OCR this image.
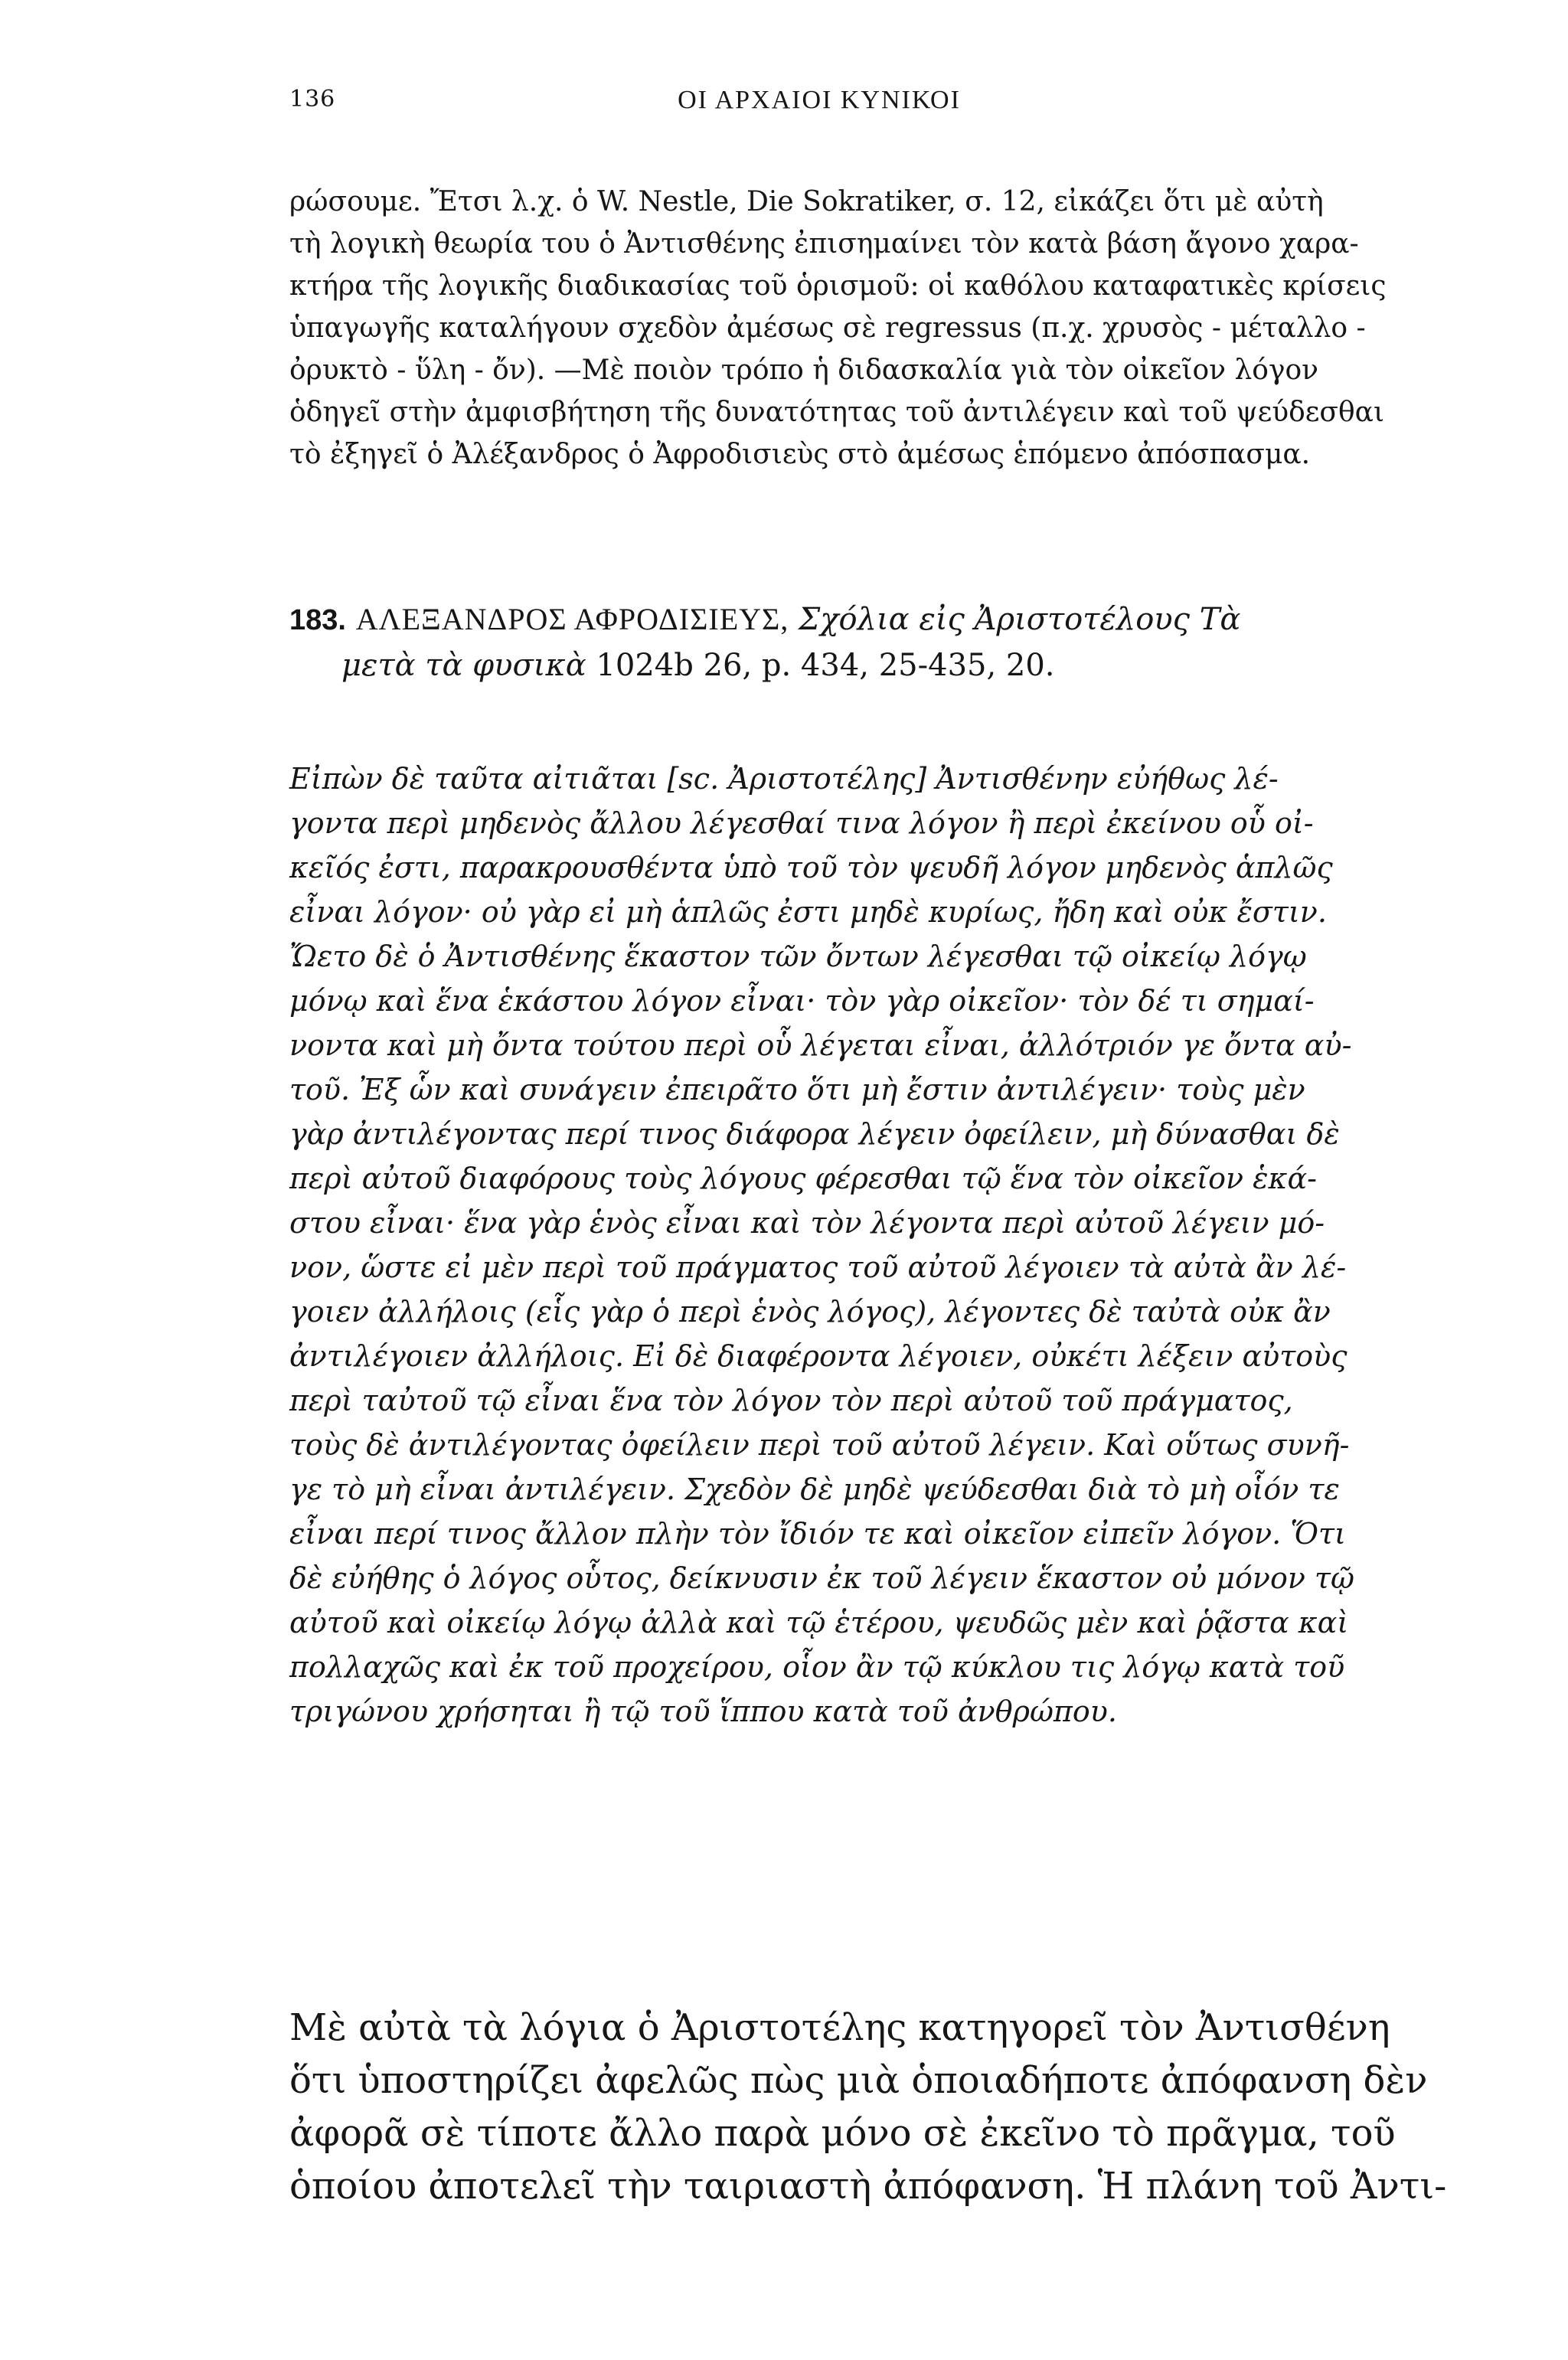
136	ΟΙ ΑΡΧΑΙΟΙ ΚΥΝΙΚΟΙ
ρώσουμε. Ἔτσι λ.χ. ὁ W. Nestle, Die Sokratiker, σ. 12, εἰκάζει ὅτι μὲ αὐτὴ
τὴ λογικὴ θεωρία του ὁ Ἀντισθένης ἐπισημαίνει τὸν κατὰ βάση ἄγονο χαρα-
κτήρα τῆς λογικῆς διαδικασίας τοῦ ὁρισμοῦ: οἱ καθόλου καταφατικὲς κρίσεις
ὑπαγωγῆς καταλήγουν σχεδὸν ἀμέσως σὲ regressus (π.χ. χρυσὸς - μέταλλο -
ὀρυκτὸ - ὕλη - ὄν). —Μὲ ποιὸν τρόπο ἡ διδασκαλία γιὰ τὸν οἰκεῖον λόγον
ὁδηγεῖ στὴν ἀμφισβήτηση τῆς δυνατότητας τοῦ ἀντιλέγειν καὶ τοῦ ψεύδεσθαι
τὸ ἐξηγεῖ ὁ Ἀλέξανδρος ὁ Ἀφροδισιεὺς στὸ ἀμέσως ἑπόμενο ἀπόσπασμα.
183. ΑΛΕΞΑΝΔΡΟΣ ΑΦΡΟΔΙΣΙΕΥΣ, Σχόλια εἰς Ἀριστοτέλους Τὰ
μετὰ τὰ φυσικὰ 1024b 26, p. 434, 25-435, 20.
Εἰπὼν δὲ ταῦτα αἰτιᾶται [sc. Ἀριστοτέλης] Ἀντισθένην εὐήθως λέ-
γοντα περὶ μηδενὸς ἄλλου λέγεσθαί τινα λόγον ἢ περὶ ἐκείνου οὗ οἰ-
κεῖός ἐστι, παρακρουσθέντα ὑπὸ τοῦ τὸν ψευδῆ λόγον μηδενὸς ἁπλῶς
εἶναι λόγον· οὐ γὰρ εἰ μὴ ἁπλῶς ἐστι μηδὲ κυρίως, ἤδη καὶ οὐκ ἔστιν.
Ὤετο δὲ ὁ Ἀντισθένης ἕκαστον τῶν ὄντων λέγεσθαι τῷ οἰκείῳ λόγῳ
μόνῳ καὶ ἕνα ἑκάστου λόγον εἶναι· τὸν γὰρ οἰκεῖον· τὸν δέ τι σημαί-
νοντα καὶ μὴ ὄντα τούτου περὶ οὗ λέγεται εἶναι, ἀλλότριόν γε ὄντα αὐ-
τοῦ. Ἐξ ὧν καὶ συνάγειν ἐπειρᾶτο ὅτι μὴ ἔστιν ἀντιλέγειν· τοὺς μὲν
γὰρ ἀντιλέγοντας περί τινος διάφορα λέγειν ὀφείλειν, μὴ δύνασθαι δὲ
περὶ αὐτοῦ διαφόρους τοὺς λόγους φέρεσθαι τῷ ἕνα τὸν οἰκεῖον ἑκά-
στου εἶναι· ἕνα γὰρ ἑνὸς εἶναι καὶ τὸν λέγοντα περὶ αὐτοῦ λέγειν μό-
νον, ὥστε εἰ μὲν περὶ τοῦ πράγματος τοῦ αὐτοῦ λέγοιεν τὰ αὐτὰ ἂν λέ-
γοιεν ἀλλήλοις (εἷς γὰρ ὁ περὶ ἑνὸς λόγος), λέγοντες δὲ ταὐτὰ οὐκ ἂν
ἀντιλέγοιεν ἀλλήλοις. Εἰ δὲ διαφέροντα λέγοιεν, οὐκέτι λέξειν αὐτοὺς
περὶ ταὐτοῦ τῷ εἶναι ἕνα τὸν λόγον τὸν περὶ αὐτοῦ τοῦ πράγματος,
τοὺς δὲ ἀντιλέγοντας ὀφείλειν περὶ τοῦ αὐτοῦ λέγειν. Καὶ οὕτως συνῆ-
γε τὸ μὴ εἶναι ἀντιλέγειν. Σχεδὸν δὲ μηδὲ ψεύδεσθαι διὰ τὸ μὴ οἷόν τε
εἶναι περί τινος ἄλλον πλὴν τὸν ἴδιόν τε καὶ οἰκεῖον εἰπεῖν λόγον. Ὅτι
δὲ εὐήθης ὁ λόγος οὗτος, δείκνυσιν ἐκ τοῦ λέγειν ἕκαστον οὐ μόνον τῷ
αὐτοῦ καὶ οἰκείῳ λόγῳ ἀλλὰ καὶ τῷ ἑτέρου, ψευδῶς μὲν καὶ ῥᾷστα καὶ
πολλαχῶς καὶ ἐκ τοῦ προχείρου, οἷον ἂν τῷ κύκλου τις λόγῳ κατὰ τοῦ
τριγώνου χρήσηται ἢ τῷ τοῦ ἵππου κατὰ τοῦ ἀνθρώπου.
Μὲ αὐτὰ τὰ λόγια ὁ Ἀριστοτέλης κατηγορεῖ τὸν Ἀντισθένη
ὅτι ὑποστηρίζει ἀφελῶς πὼς μιὰ ὁποιαδήποτε ἀπόφανση δὲν
ἀφορᾶ σὲ τίποτε ἄλλο παρὰ μόνο σὲ ἐκεῖνο τὸ πρᾶγμα, τοῦ
ὁποίου ἀποτελεῖ τὴν ταιριαστὴ ἀπόφανση. Ἡ πλάνη τοῦ Ἀντι-
